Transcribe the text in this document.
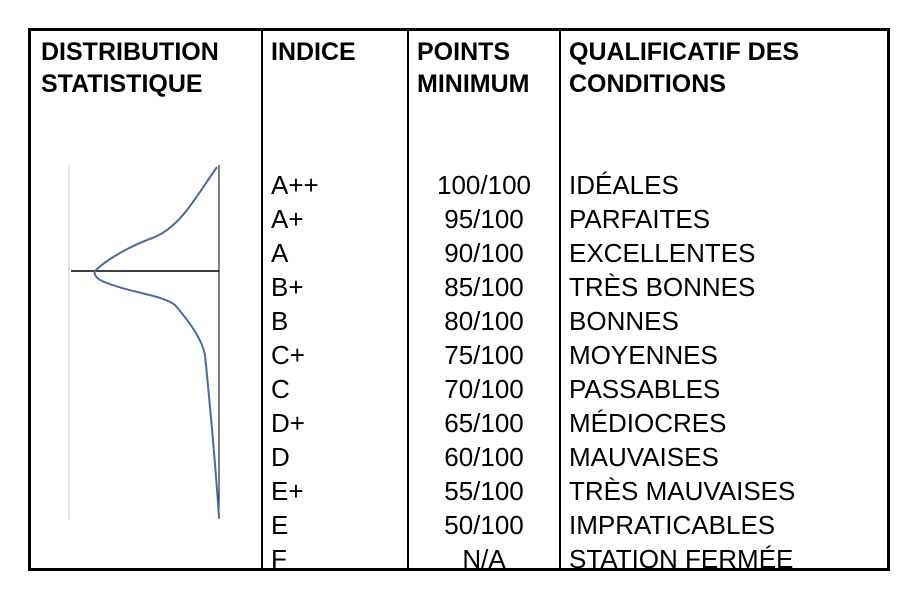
DISTRIBUTION
STATISTIQUE
INDICE POINTS
MINIMUM
QUALIFICATIF DES
CONDITIONS
A++
A+
A
B+
B
C+
C
D+
D
E+
E
F
100/100
95/100
90/100
85/100
80/100
75/100
70/100
65/100
60/100
55/100
50/100
N/A
IDÉALES
PARFAITES
EXCELLENTES
TRÈS BONNES
BONNES
MOYENNES
PASSABLES
MÉDIOCRES
MAUVAISES
TRÈS MAUVAISES
IMPRATICABLES
STATION FERMÉE
